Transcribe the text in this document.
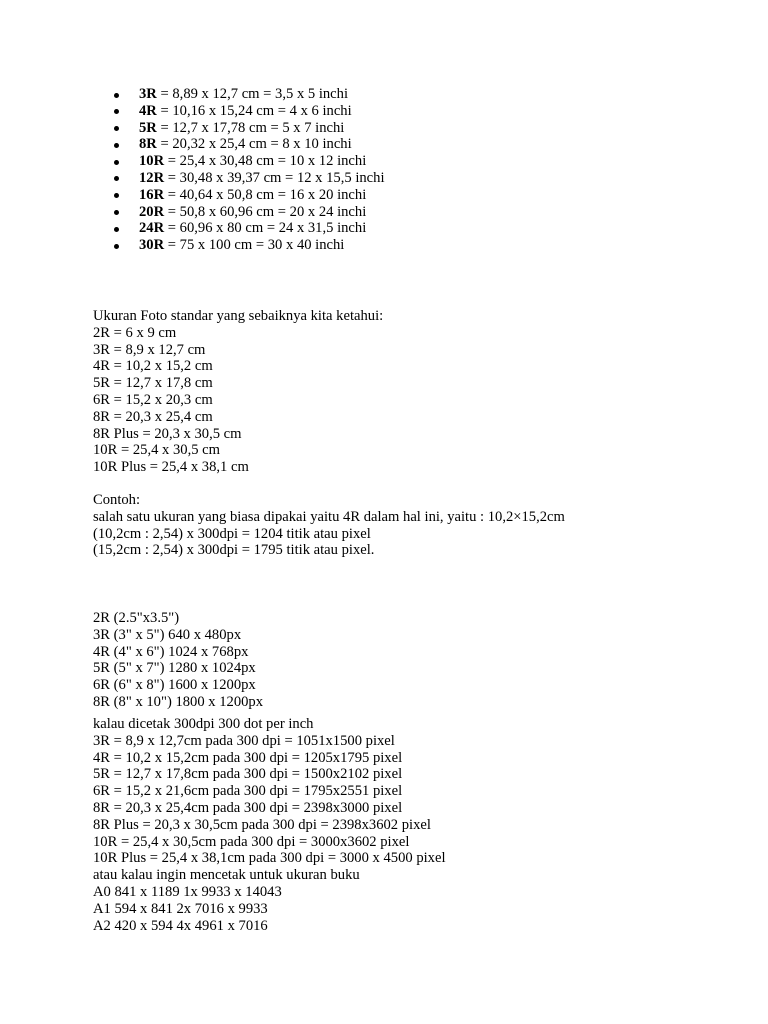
3R = 8,89 x 12,7 cm = 3,5 x 5 inchi
4R = 10,16 x 15,24 cm = 4 x 6 inchi
5R = 12,7 x 17,78 cm = 5 x 7 inchi
8R = 20,32 x 25,4 cm = 8 x 10 inchi
10R = 25,4 x 30,48 cm = 10 x 12 inchi
12R = 30,48 x 39,37 cm = 12 x 15,5 inchi
16R = 40,64 x 50,8 cm = 16 x 20 inchi
20R = 50,8 x 60,96 cm = 20 x 24 inchi
24R = 60,96 x 80 cm = 24 x 31,5 inchi
30R = 75 x 100 cm = 30 x 40 inchi
Ukuran Foto standar yang sebaiknya kita ketahui:
2R = 6 x 9 cm
3R = 8,9 x 12,7 cm
4R = 10,2 x 15,2 cm
5R = 12,7 x 17,8 cm
6R = 15,2 x 20,3 cm
8R = 20,3 x 25,4 cm
8R Plus = 20,3 x 30,5 cm
10R = 25,4 x 30,5 cm
10R Plus = 25,4 x 38,1 cm
Contoh:
salah satu ukuran yang biasa dipakai yaitu 4R dalam hal ini, yaitu : 10,2×15,2cm
(10,2cm : 2,54) x 300dpi = 1204 titik atau pixel
(15,2cm : 2,54) x 300dpi = 1795 titik atau pixel.
2R (2.5"x3.5")
3R (3" x 5") 640 x 480px
4R (4" x 6") 1024 x 768px
5R (5" x 7") 1280 x 1024px
6R (6" x 8") 1600 x 1200px
8R (8" x 10") 1800 x 1200px
kalau dicetak 300dpi 300 dot per inch
3R = 8,9 x 12,7cm pada 300 dpi = 1051x1500 pixel
4R = 10,2 x 15,2cm pada 300 dpi = 1205x1795 pixel
5R = 12,7 x 17,8cm pada 300 dpi = 1500x2102 pixel
6R = 15,2 x 21,6cm pada 300 dpi = 1795x2551 pixel
8R = 20,3 x 25,4cm pada 300 dpi = 2398x3000 pixel
8R Plus = 20,3 x 30,5cm pada 300 dpi = 2398x3602 pixel
10R = 25,4 x 30,5cm pada 300 dpi = 3000x3602 pixel
10R Plus = 25,4 x 38,1cm pada 300 dpi = 3000 x 4500 pixel
atau kalau ingin mencetak untuk ukuran buku
A0 841 x 1189 1x 9933 x 14043
A1 594 x 841 2x 7016 x 9933
A2 420 x 594 4x 4961 x 7016
